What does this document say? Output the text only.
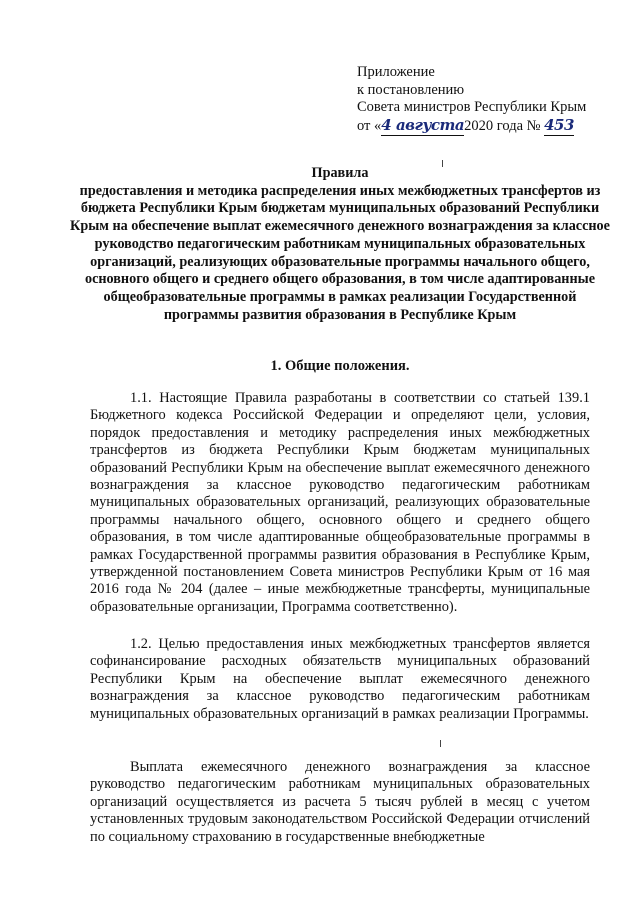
Приложение
к постановлению
Совета министров Республики Крым
от «4 августа2020 года № 453
Правила
предоставления и методика распределения иных межбюджетных трансфертов из бюджета Республики Крым бюджетам муниципальных образований Республики Крым на обеспечение выплат ежемесячного денежного вознаграждения за классное руководство педагогическим работникам муниципальных образовательных организаций, реализующих образовательные программы начального общего, основного общего и среднего общего образования, в том числе адаптированные общеобразовательные программы в рамках реализации Государственной программы развития образования в Республике Крым
1. Общие положения.

1.1. Настоящие Правила разработаны в соответствии со статьей 139.1 Бюджетного кодекса Российской Федерации и определяют цели, условия, порядок предоставления и методику распределения иных межбюджетных трансфертов из бюджета Республики Крым бюджетам муниципальных образований Республики Крым на обеспечение выплат ежемесячного денежного вознаграждения за классное руководство педагогическим работникам муниципальных образовательных организаций, реализующих образовательные программы начального общего, основного общего и среднего общего образования, в том числе адаптированные общеобразовательные программы в рамках Государственной программы развития образования в Республике Крым, утвержденной постановлением Совета министров Республики Крым от 16 мая 2016 года № 204 (далее – иные межбюджетные трансферты, муниципальные образовательные организации, Программа соответственно).

1.2. Целью предоставления иных межбюджетных трансфертов является софинансирование расходных обязательств муниципальных образований Республики Крым на обеспечение выплат ежемесячного денежного вознаграждения за классное руководство педагогическим работникам муниципальных образовательных организаций в рамках реализации Программы.

Выплата ежемесячного денежного вознаграждения за классное руководство педагогическим работникам муниципальных образовательных организаций осуществляется из расчета 5 тысяч рублей в месяц с учетом установленных трудовым законодательством Российской Федерации отчислений по социальному страхованию в государственные внебюджетные
